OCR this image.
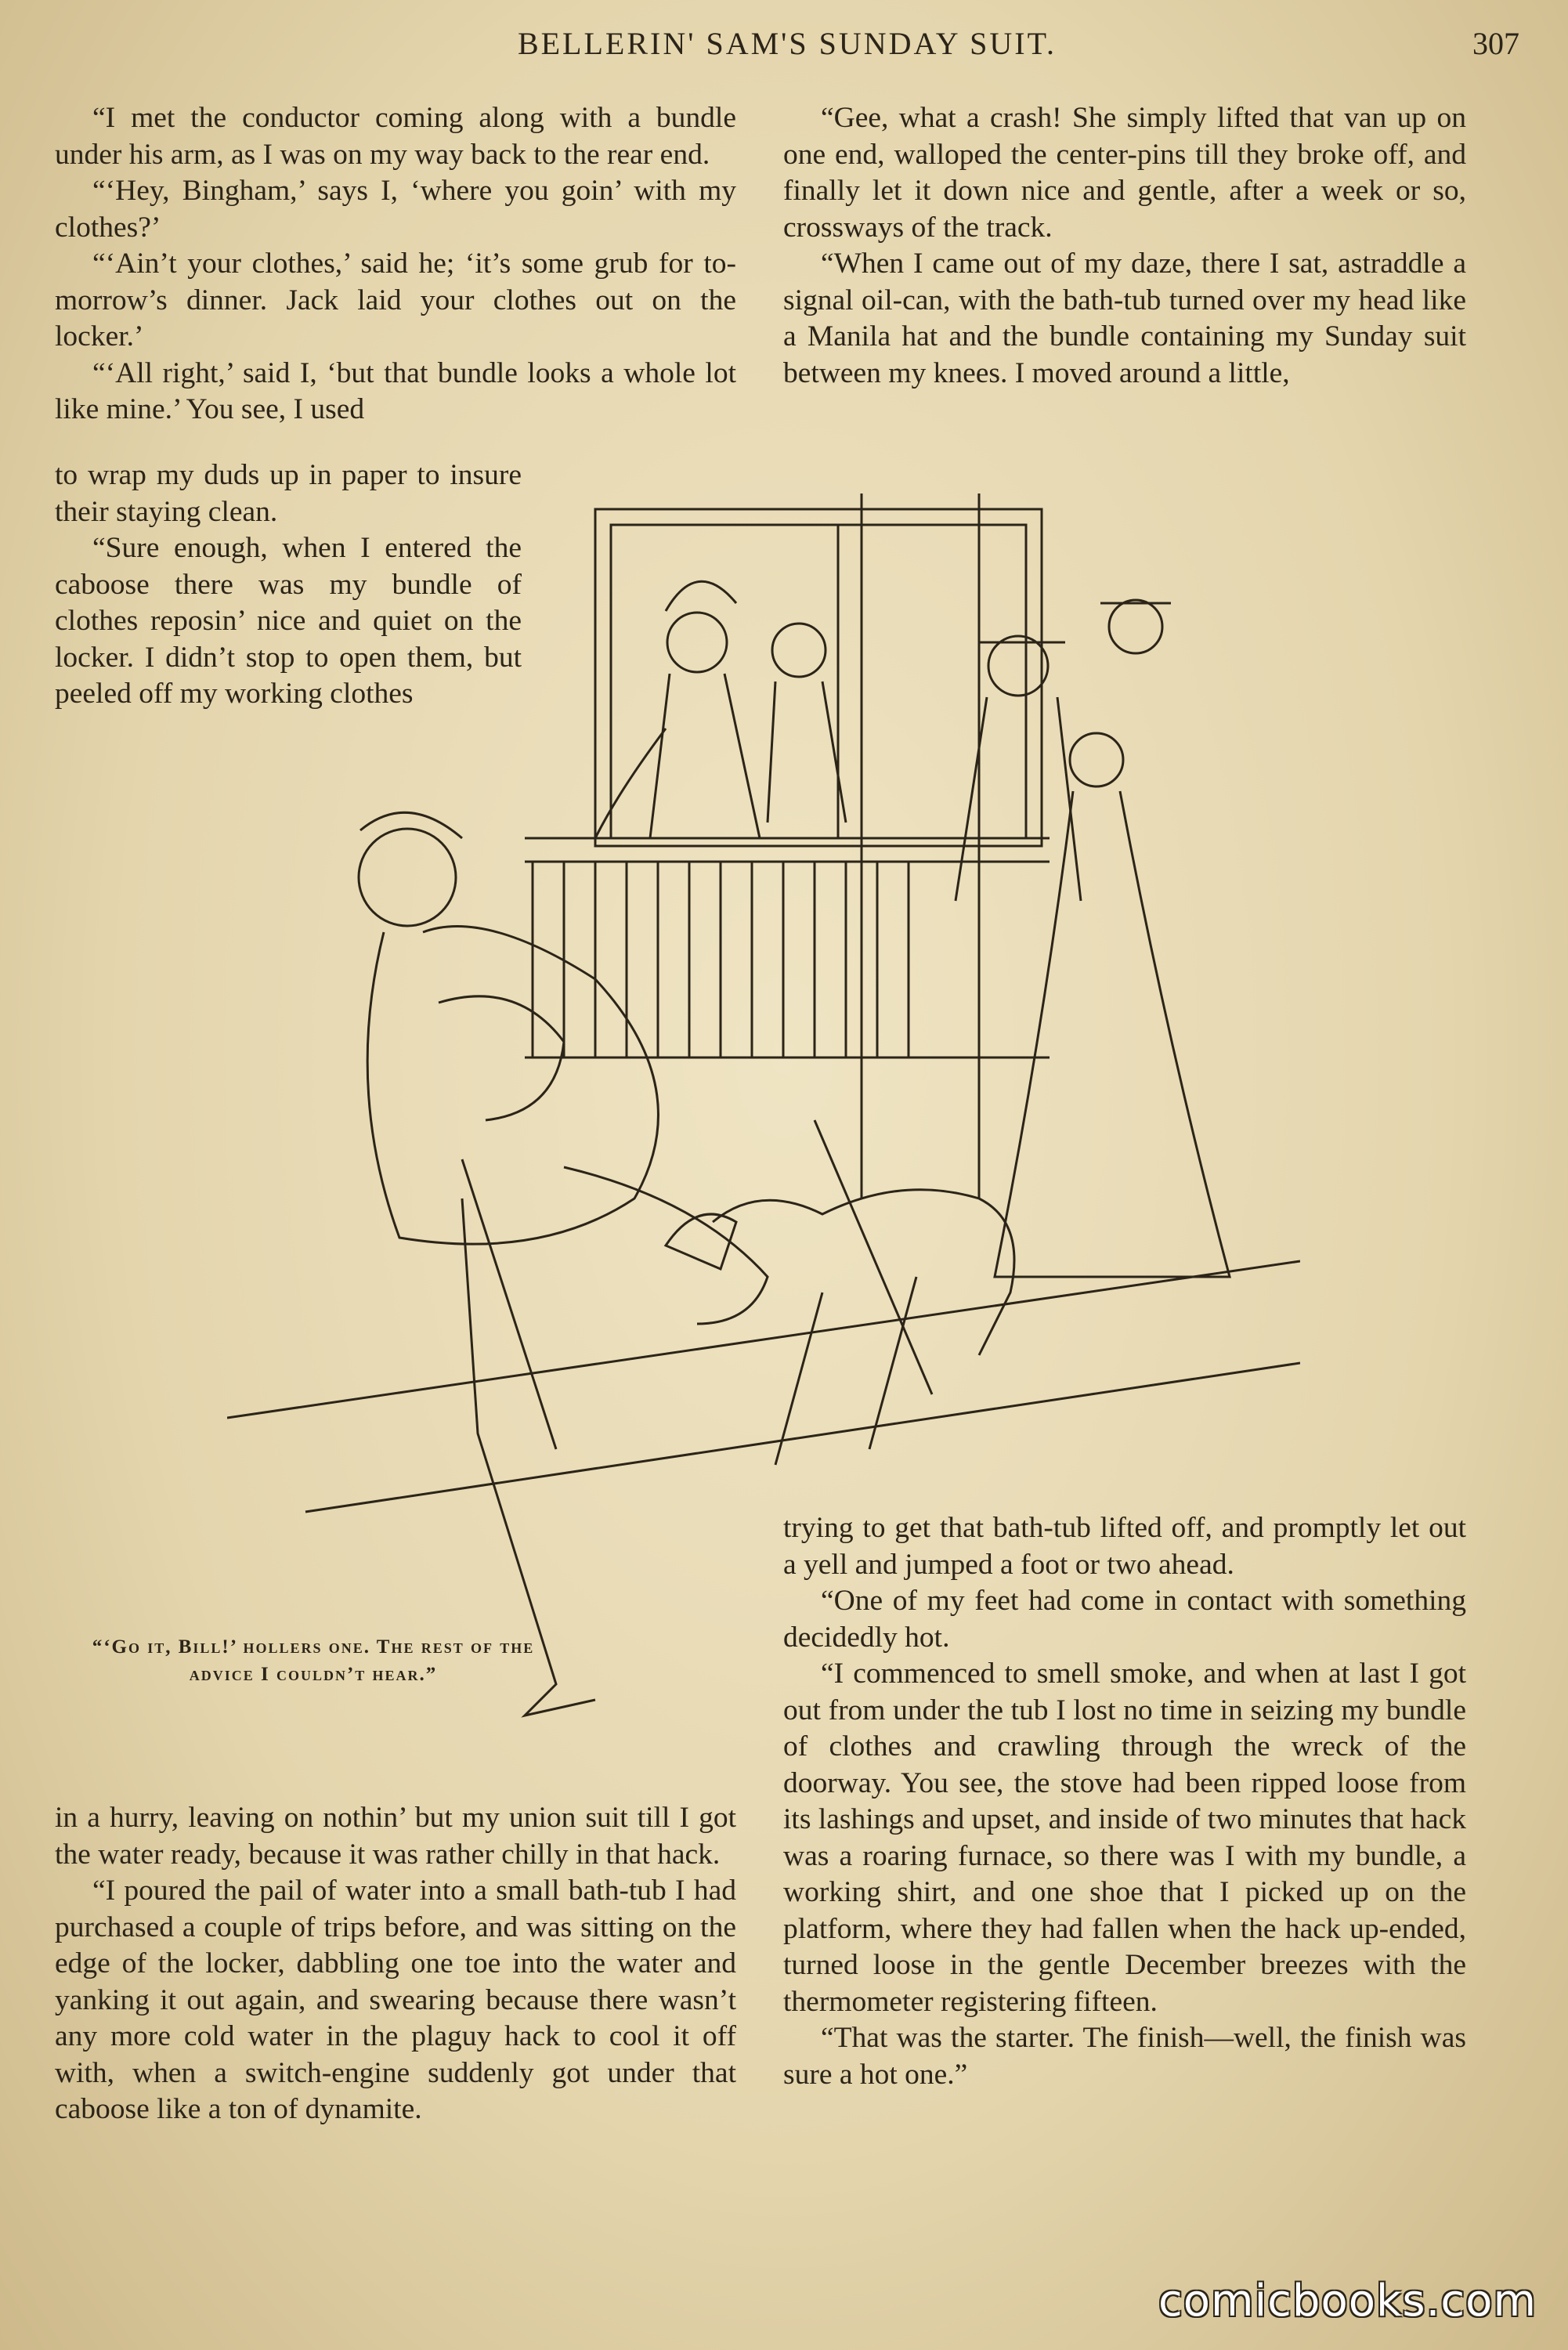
BELLERIN' SAM'S SUNDAY SUIT.	307

“I met the conductor coming along with a bundle under his arm, as I was on my way back to the rear end.

“‘Hey, Bingham,’ says I, ‘where you goin’ with my clothes?’

“‘Ain’t your clothes,’ said he; ‘it’s some grub for to-morrow’s dinner. Jack laid your clothes out on the locker.’

“‘All right,’ said I, ‘but that bundle looks a whole lot like mine.’ You see, I used

to wrap my duds up in paper to insure their staying clean.

“Sure enough, when I entered the caboose there was my bundle of clothes reposin’ nice and quiet on the locker. I didn’t stop to open them, but peeled off my working clothes

“Gee, what a crash! She simply lifted that van up on one end, walloped the center-pins till they broke off, and finally let it down nice and gentle, after a week or so, crossways of the track.

“When I came out of my daze, there I sat, astraddle a signal oil-can, with the bath-tub turned over my head like a Manila hat and the bundle containing my Sunday suit between my knees. I moved around a little,

“‘Go it, Bill!’ hollers one. The rest of the advice I couldn’t hear.”

in a hurry, leaving on nothin’ but my union suit till I got the water ready, because it was rather chilly in that hack.

“I poured the pail of water into a small bath-tub I had purchased a couple of trips before, and was sitting on the edge of the locker, dabbling one toe into the water and yanking it out again, and swearing because there wasn’t any more cold water in the plaguy hack to cool it off with, when a switch-engine suddenly got under that caboose like a ton of dynamite.

trying to get that bath-tub lifted off, and promptly let out a yell and jumped a foot or two ahead.

“One of my feet had come in contact with something decidedly hot.

“I commenced to smell smoke, and when at last I got out from under the tub I lost no time in seizing my bundle of clothes and crawling through the wreck of the doorway. You see, the stove had been ripped loose from its lashings and upset, and inside of two minutes that hack was a roaring furnace, so there was I with my bundle, a working shirt, and one shoe that I picked up on the platform, where they had fallen when the hack up-ended, turned loose in the gentle December breezes with the thermometer registering fifteen.

“That was the starter. The finish—well, the finish was sure a hot one.”

comicbooks.com
